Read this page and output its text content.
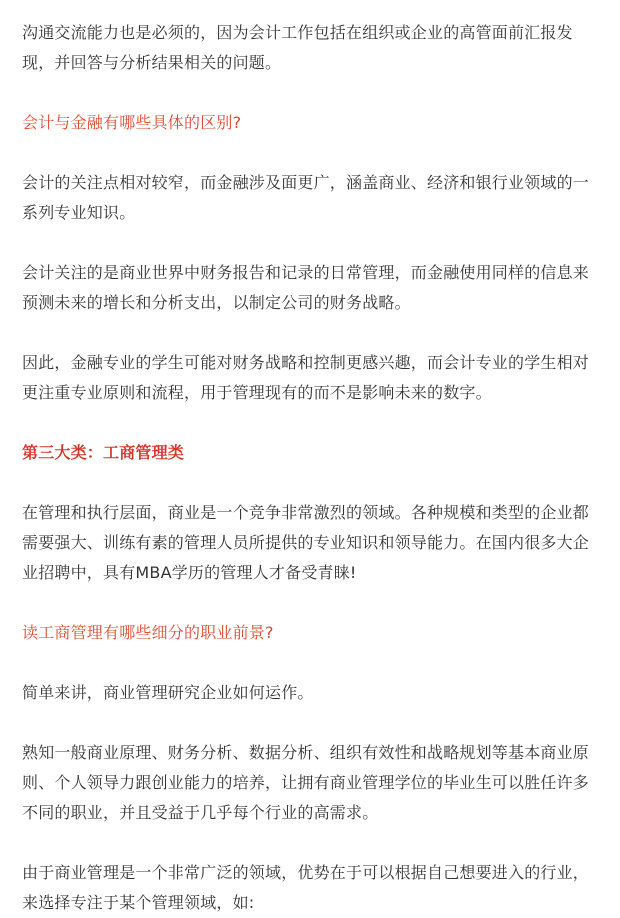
沟通交流能力也是必须的，因为会计工作包括在组织或企业的高管面前汇报发现，并回答与分析结果相关的问题。

会计与金融有哪些具体的区别?

会计的关注点相对较窄，而金融涉及面更广，涵盖商业、经济和银行业领域的一系列专业知识。

会计关注的是商业世界中财务报告和记录的日常管理，而金融使用同样的信息来预测未来的增长和分析支出，以制定公司的财务战略。

因此，金融专业的学生可能对财务战略和控制更感兴趣，而会计专业的学生相对更注重专业原则和流程，用于管理现有的而不是影响未来的数字。

第三大类：工商管理类

在管理和执行层面，商业是一个竞争非常激烈的领域。各种规模和类型的企业都需要强大、训练有素的管理人员所提供的专业知识和领导能力。在国内很多大企业招聘中，具有MBA学历的管理人才备受青睐!

读工商管理有哪些细分的职业前景?

简单来讲，商业管理研究企业如何运作。

熟知一般商业原理、财务分析、数据分析、组织有效性和战略规划等基本商业原则、个人领导力跟创业能力的培养，让拥有商业管理学位的毕业生可以胜任许多不同的职业，并且受益于几乎每个行业的高需求。

由于商业管理是一个非常广泛的领域，优势在于可以根据自己想要进入的行业，来选择专注于某个管理领域，如:
